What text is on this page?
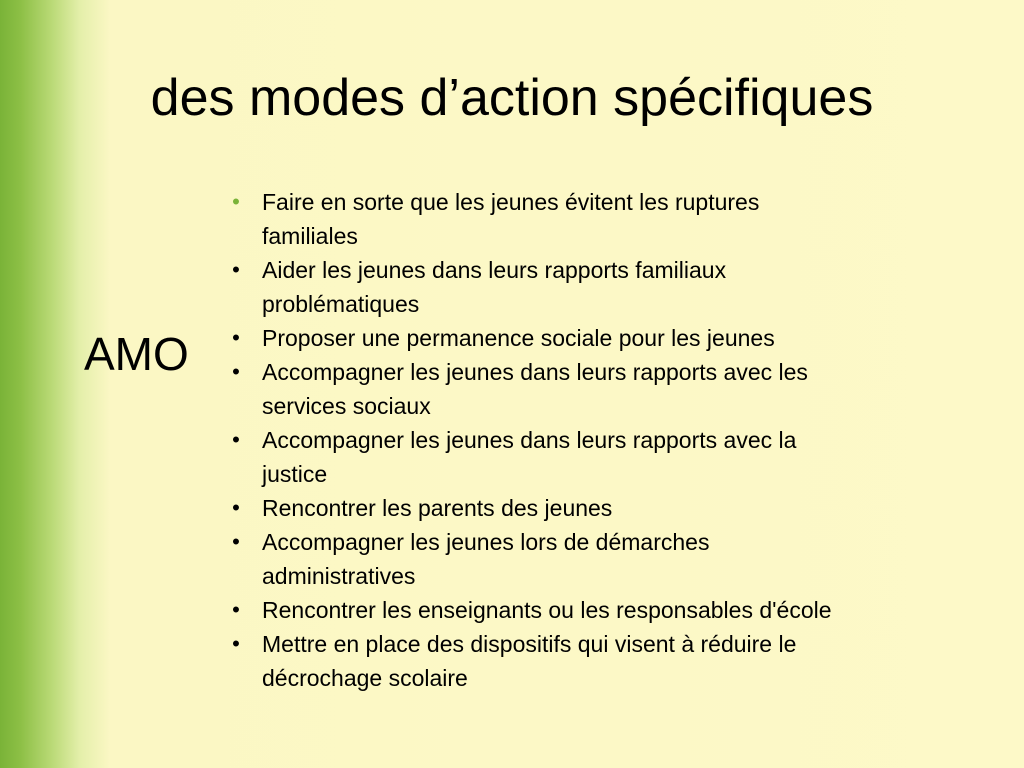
des modes d’action spécifiques
AMO
• Faire en sorte que les jeunes évitent les ruptures
familiales
• Aider les jeunes dans leurs rapports familiaux
problématiques
• Proposer une permanence sociale pour les jeunes
• Accompagner les jeunes dans leurs rapports avec les
services sociaux
• Accompagner les jeunes dans leurs rapports avec la
justice
• Rencontrer les parents des jeunes
• Accompagner les jeunes lors de démarches
administratives
• Rencontrer les enseignants ou les responsables d'école
• Mettre en place des dispositifs qui visent à réduire le
décrochage scolaire
